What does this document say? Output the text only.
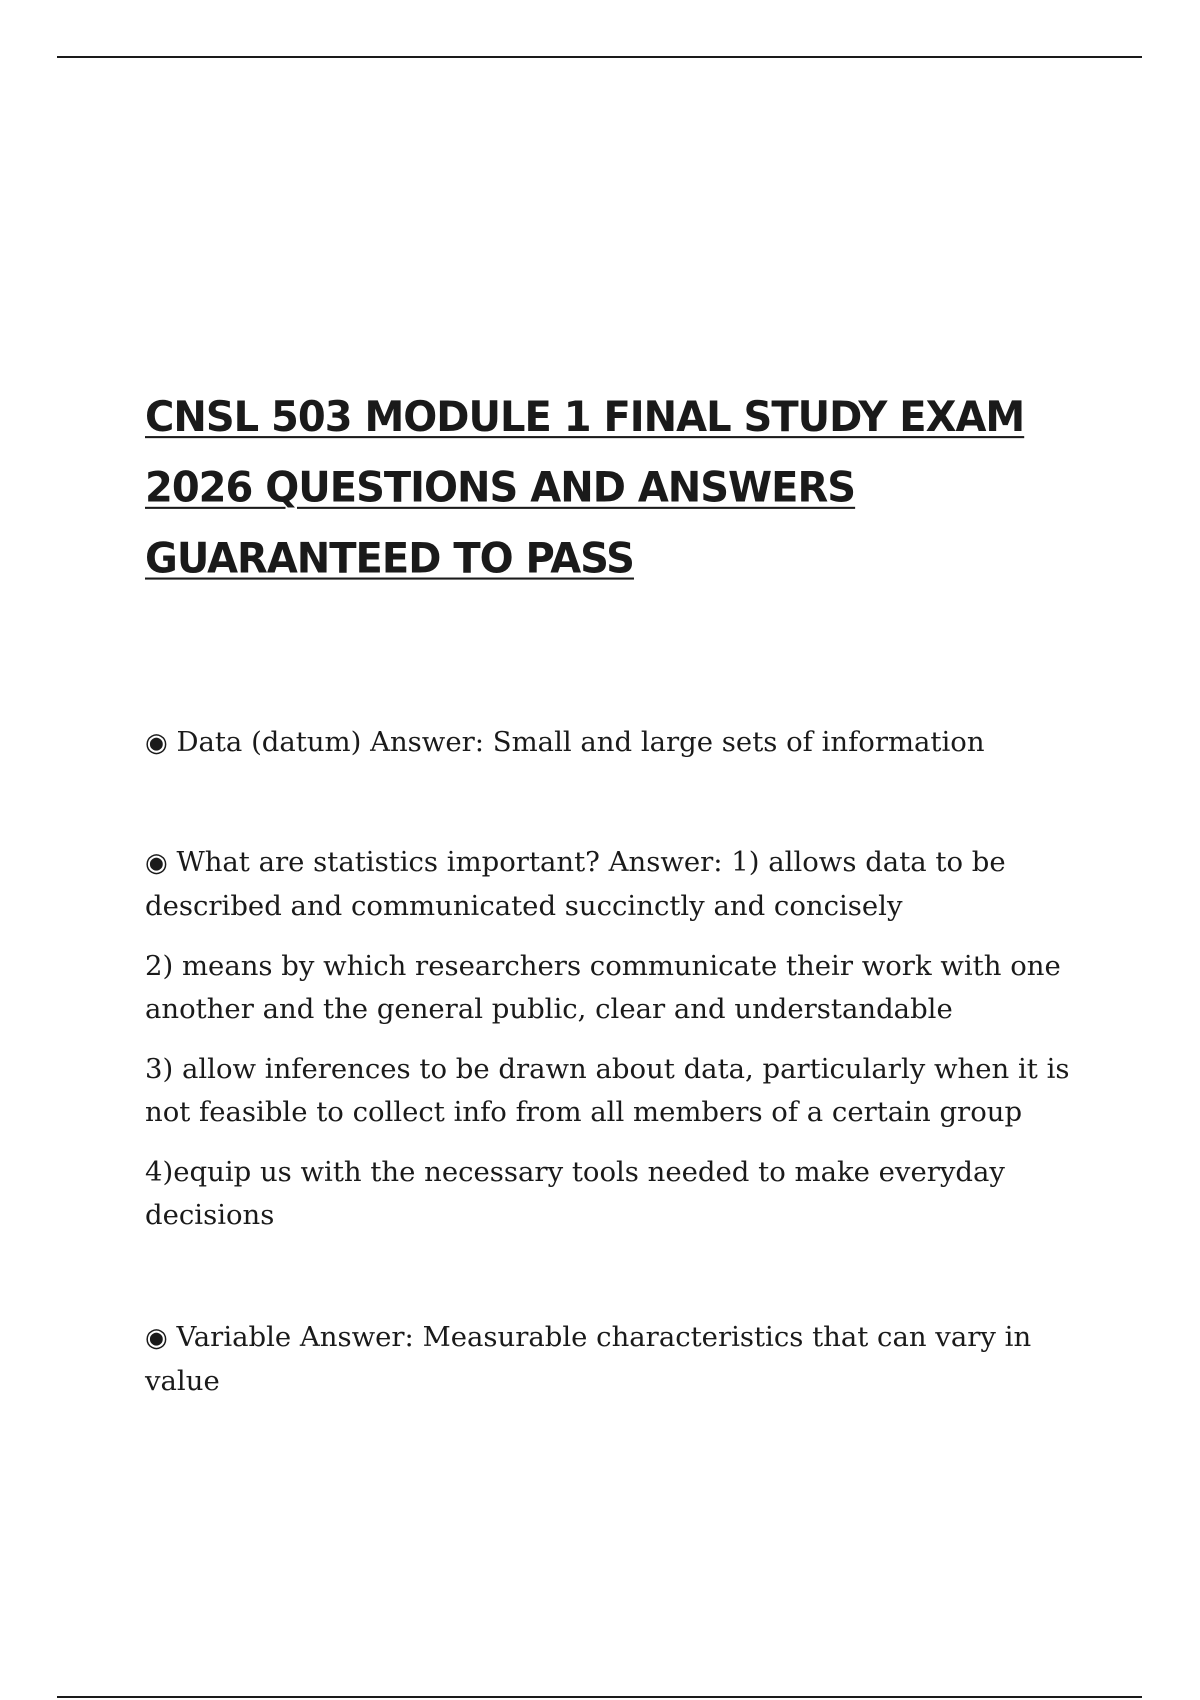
CNSL 503 MODULE 1 FINAL STUDY EXAM 2026 QUESTIONS AND ANSWERS GUARANTEED TO PASS

◉ Data (datum) Answer: Small and large sets of information

◉ What are statistics important? Answer: 1) allows data to be described and communicated succinctly and concisely

2) means by which researchers communicate their work with one another and the general public, clear and understandable

3) allow inferences to be drawn about data, particularly when it is not feasible to collect info from all members of a certain group

4)equip us with the necessary tools needed to make everyday decisions

◉ Variable Answer: Measurable characteristics that can vary in value
